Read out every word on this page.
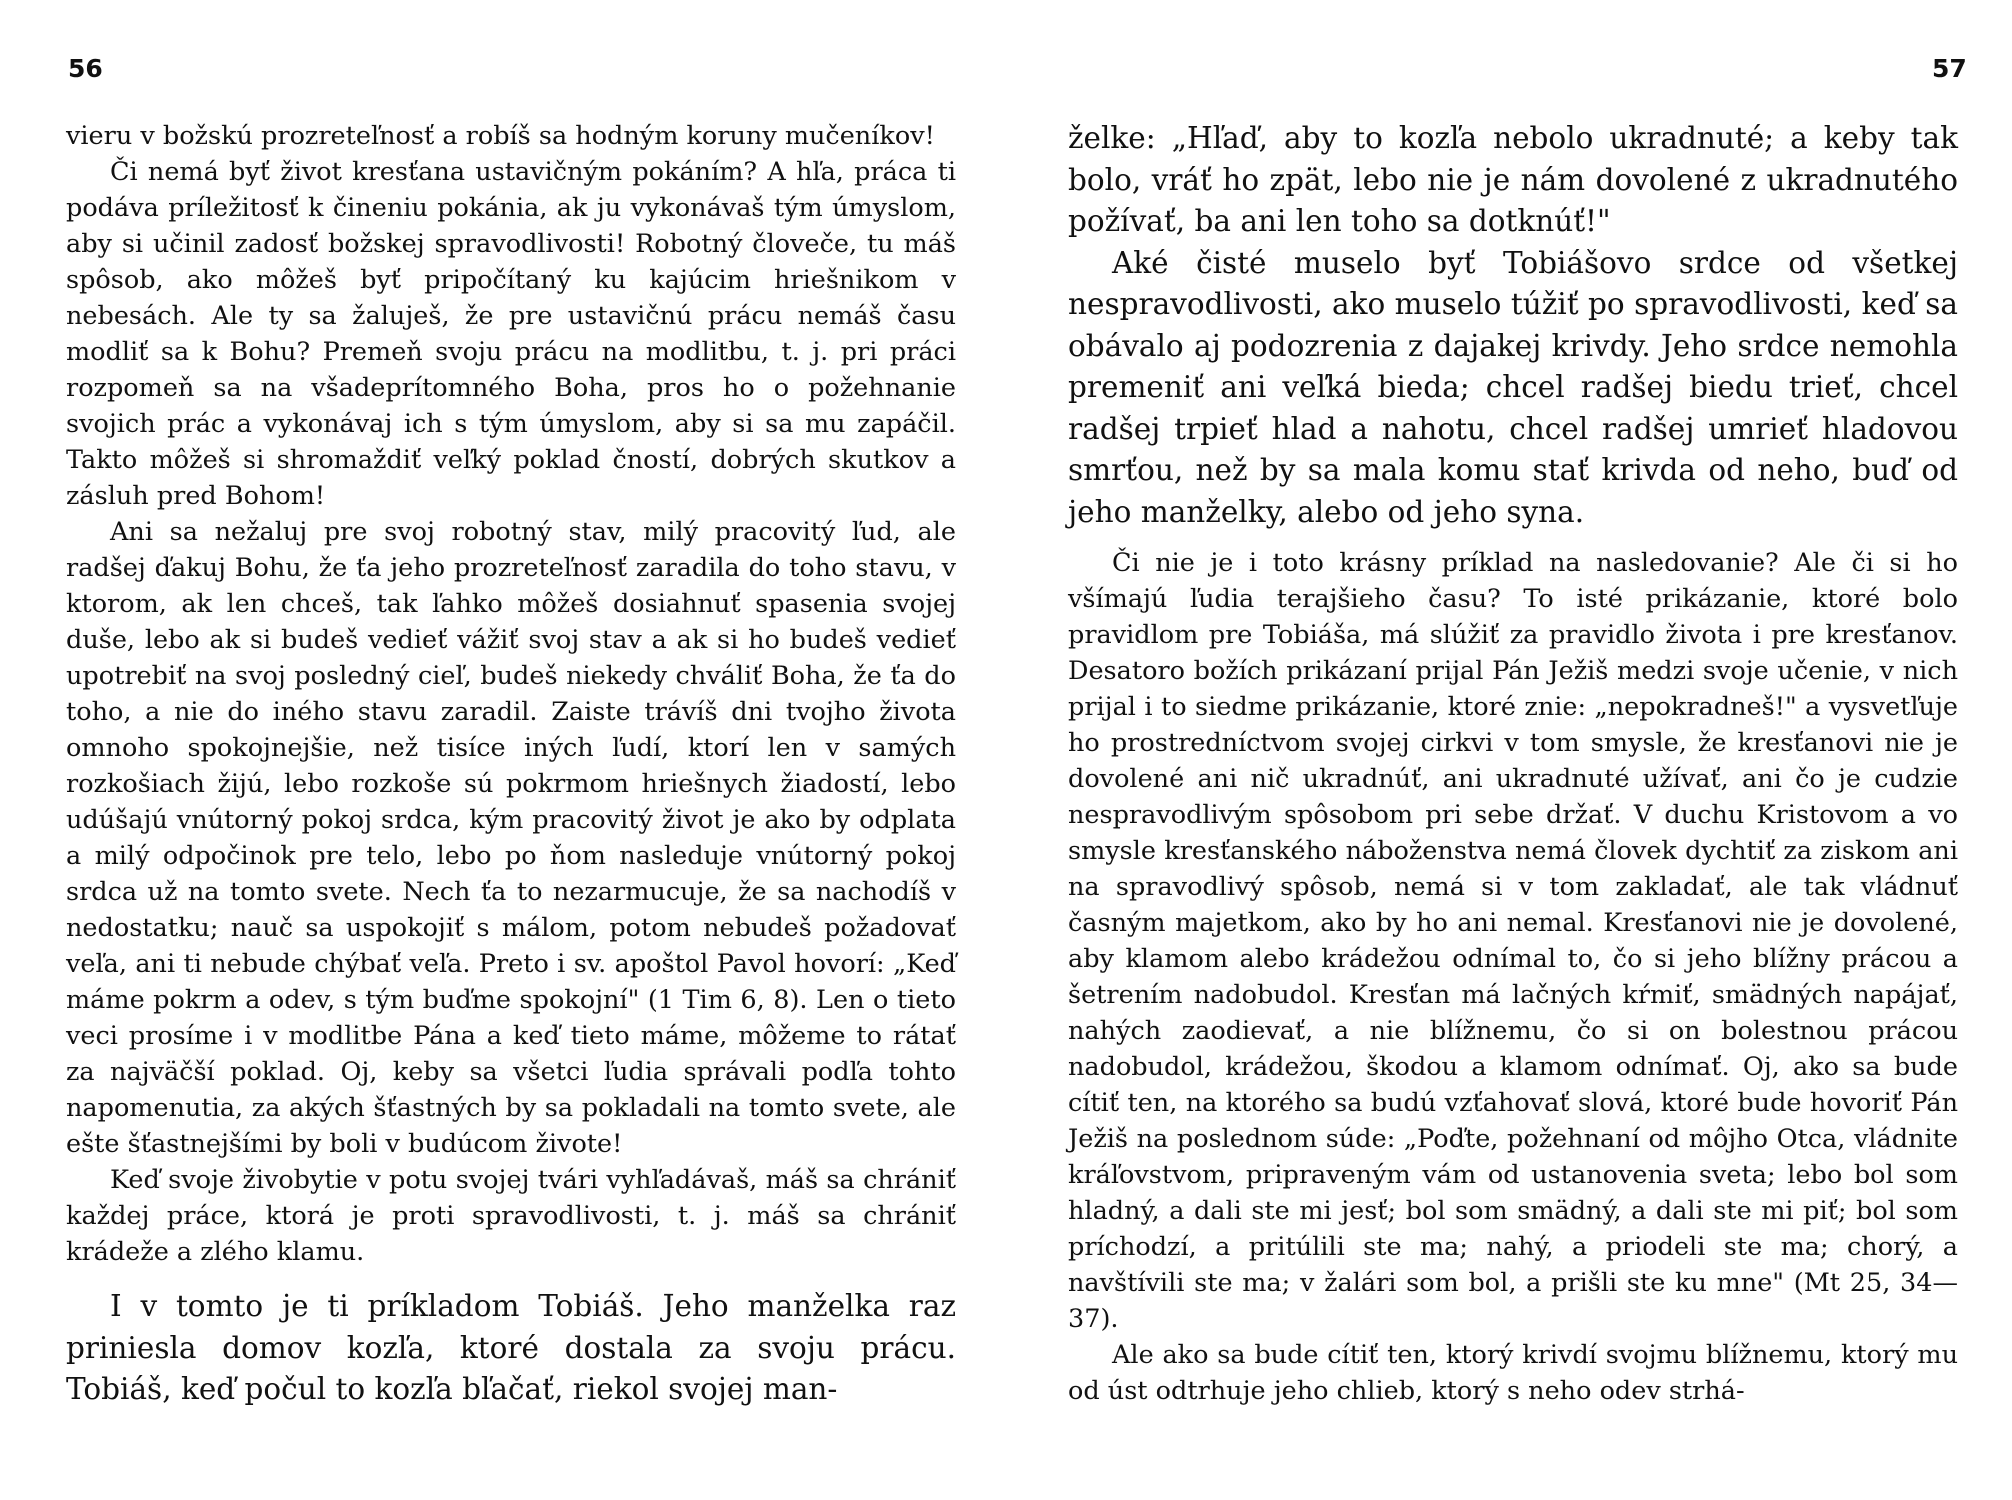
56	57

vieru v božskú prozreteľnosť a robíš sa hodným koruny mučeníkov!

Či nemá byť život kresťana ustavičným pokáním? A hľa, práca ti podáva príležitosť k čineniu pokánia, ak ju vykonávaš tým úmyslom, aby si učinil zadosť božskej spravodlivosti! Robotný človeče, tu máš spôsob, ako môžeš byť pripočítaný ku kajúcim hriešnikom v nebesách. Ale ty sa žaluješ, že pre ustavičnú prácu nemáš času modliť sa k Bohu? Premeň svoju prácu na modlitbu, t. j. pri práci rozpomeň sa na všadeprítomného Boha, pros ho o požehnanie svojich prác a vykonávaj ich s tým úmyslom, aby si sa mu zapáčil. Takto môžeš si shromaždiť veľký poklad čností, dobrých skutkov a zásluh pred Bohom!

Ani sa nežaluj pre svoj robotný stav, milý pracovitý ľud, ale radšej ďakuj Bohu, že ťa jeho prozreteľnosť zaradila do toho stavu, v ktorom, ak len chceš, tak ľahko môžeš dosiahnuť spasenia svojej duše, lebo ak si budeš vedieť vážiť svoj stav a ak si ho budeš vedieť upotrebiť na svoj posledný cieľ, budeš niekedy chváliť Boha, že ťa do toho, a nie do iného stavu zaradil. Zaiste trávíš dni tvojho života omnoho spokojnejšie, než tisíce iných ľudí, ktorí len v samých rozkošiach žijú, lebo rozkoše sú pokrmom hriešnych žiadostí, lebo udúšajú vnútorný pokoj srdca, kým pracovitý život je ako by odplata a milý odpočinok pre telo, lebo po ňom nasleduje vnútorný pokoj srdca už na tomto svete. Nech ťa to nezarmucuje, že sa nachodíš v nedostatku; nauč sa uspokojiť s málom, potom nebudeš požadovať veľa, ani ti nebude chýbať veľa. Preto i sv. apoštol Pavol hovorí: „Keď máme pokrm a odev, s tým buďme spokojní" (1 Tim 6, 8). Len o tieto veci prosíme i v modlitbe Pána a keď tieto máme, môžeme to rátať za najväčší poklad. Oj, keby sa všetci ľudia správali podľa tohto napomenutia, za akých šťastných by sa pokladali na tomto svete, ale ešte šťastnejšími by boli v budúcom živote!

Keď svoje živobytie v potu svojej tvári vyhľadávaš, máš sa chrániť každej práce, ktorá je proti spravodlivosti, t. j. máš sa chrániť krádeže a zlého klamu.

I v tomto je ti príkladom Tobiáš. Jeho manželka raz priniesla domov kozľa, ktoré dostala za svoju prácu. Tobiáš, keď počul to kozľa bľačať, riekol svojej man-

želke: „Hľaď, aby to kozľa nebolo ukradnuté; a keby tak bolo, vráť ho zpät, lebo nie je nám dovolené z ukradnutého požívať, ba ani len toho sa dotknúť!"

Aké čisté muselo byť Tobiášovo srdce od všetkej nespravodlivosti, ako muselo túžiť po spravodlivosti, keď sa obávalo aj podozrenia z dajakej krivdy. Jeho srdce nemohla premeniť ani veľká bieda; chcel radšej biedu trieť, chcel radšej trpieť hlad a nahotu, chcel radšej umrieť hladovou smrťou, než by sa mala komu stať krivda od neho, buď od jeho manželky, alebo od jeho syna.

Či nie je i toto krásny príklad na nasledovanie? Ale či si ho všímajú ľudia terajšieho času? To isté prikázanie, ktoré bolo pravidlom pre Tobiáša, má slúžiť za pravidlo života i pre kresťanov. Desatoro božích prikázaní prijal Pán Ježiš medzi svoje učenie, v nich prijal i to siedme prikázanie, ktoré znie: „nepokradneš!" a vysvetľuje ho prostredníctvom svojej cirkvi v tom smysle, že kresťanovi nie je dovolené ani nič ukradnúť, ani ukradnuté užívať, ani čo je cudzie nespravodlivým spôsobom pri sebe držať. V duchu Kristovom a vo smysle kresťanského náboženstva nemá človek dychtiť za ziskom ani na spravodlivý spôsob, nemá si v tom zakladať, ale tak vládnuť časným majetkom, ako by ho ani nemal. Kresťanovi nie je dovolené, aby klamom alebo krádežou odnímal to, čo si jeho blížny prácou a šetrením nadobudol. Kresťan má lačných kŕmiť, smädných napájať, nahých zaodievať, a nie blížnemu, čo si on bolestnou prácou nadobudol, krádežou, škodou a klamom odnímať. Oj, ako sa bude cítiť ten, na ktorého sa budú vzťahovať slová, ktoré bude hovoriť Pán Ježiš na poslednom súde: „Poďte, požehnaní od môjho Otca, vládnite kráľovstvom, pripraveným vám od ustanovenia sveta; lebo bol som hladný, a dali ste mi jesť; bol som smädný, a dali ste mi piť; bol som príchodzí, a pritúlili ste ma; nahý, a priodeli ste ma; chorý, a navštívili ste ma; v žalári som bol, a prišli ste ku mne" (Mt 25, 34—37).

Ale ako sa bude cítiť ten, ktorý krivdí svojmu blížnemu, ktorý mu od úst odtrhuje jeho chlieb, ktorý s neho odev strhá-
